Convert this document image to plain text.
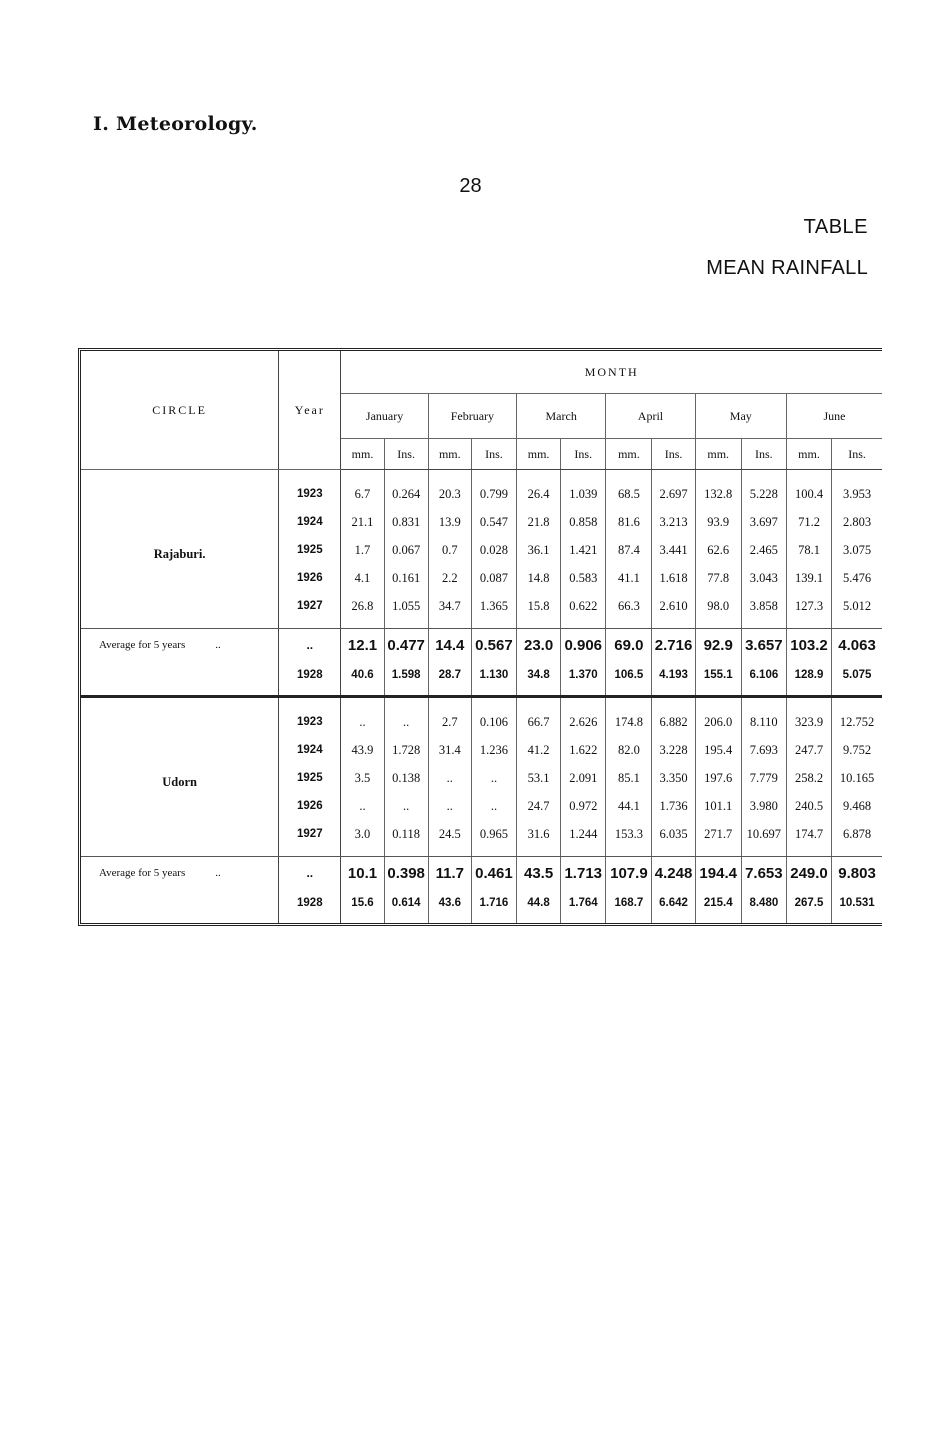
I. Meteorology.
28
TABLE
MEAN RAINFALL
CIRCLE	Year	MONTH											
		January		February		March		April		May		June	
		mm.	Ins.	mm.	Ins.	mm.	Ins.	mm.	Ins.	mm.	Ins.	mm.	Ins.
Rajaburi.	1923	6.7	0.264	20.3	0.799	26.4	1.039	68.5	2.697	132.8	5.228	100.4	3.953
	1924	21.1	0.831	13.9	0.547	21.8	0.858	81.6	3.213	93.9	3.697	71.2	2.803
	1925	1.7	0.067	0.7	0.028	36.1	1.421	87.4	3.441	62.6	2.465	78.1	3.075
	1926	4.1	0.161	2.2	0.087	14.8	0.583	41.1	1.618	77.8	3.043	139.1	5.476
	1927	26.8	1.055	34.7	1.365	15.8	0.622	66.3	2.610	98.0	3.858	127.3	5.012
Average for 5 years ..	..	12.1	0.477	14.4	0.567	23.0	0.906	69.0	2.716	92.9	3.657	103.2	4.063
	1928	40.6	1.598	28.7	1.130	34.8	1.370	106.5	4.193	155.1	6.106	128.9	5.075
Udorn	1923	..	..	2.7	0.106	66.7	2.626	174.8	6.882	206.0	8.110	323.9	12.752
	1924	43.9	1.728	31.4	1.236	41.2	1.622	82.0	3.228	195.4	7.693	247.7	9.752
	1925	3.5	0.138	..	..	53.1	2.091	85.1	3.350	197.6	7.779	258.2	10.165
	1926	..	..	..	..	24.7	0.972	44.1	1.736	101.1	3.980	240.5	9.468
	1927	3.0	0.118	24.5	0.965	31.6	1.244	153.3	6.035	271.7	10.697	174.7	6.878
Average for 5 years ..	..	10.1	0.398	11.7	0.461	43.5	1.713	107.9	4.248	194.4	7.653	249.0	9.803
	1928	15.6	0.614	43.6	1.716	44.8	1.764	168.7	6.642	215.4	8.480	267.5	10.531
